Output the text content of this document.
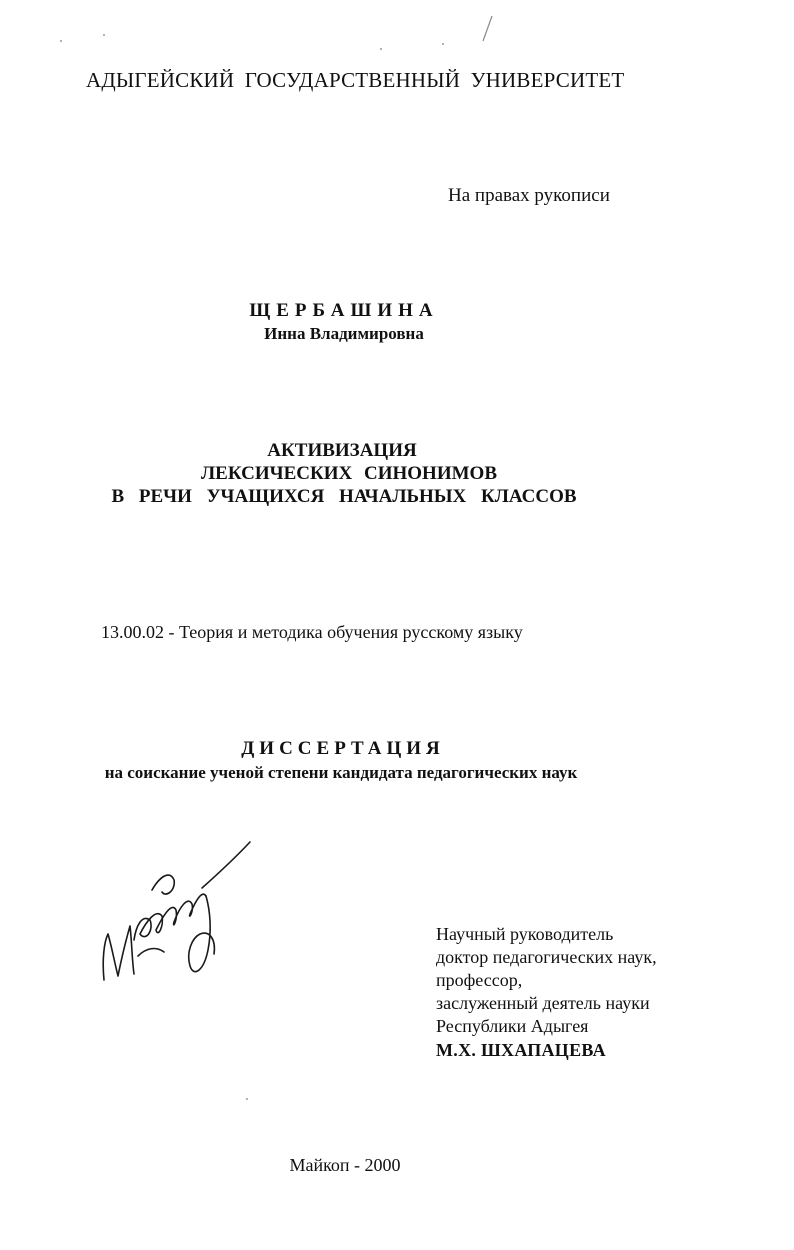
АДЫГЕЙСКИЙ ГОСУДАРСТВЕННЫЙ УНИВЕРСИТЕТ
На правах рукописи
ЩЕРБАШИНА
Инна Владимировна
АКТИВИЗАЦИЯ
ЛЕКСИЧЕСКИХ СИНОНИМОВ
В РЕЧИ УЧАЩИХСЯ НАЧАЛЬНЫХ КЛАССОВ
13.00.02 - Теория и методика обучения русскому языку
ДИССЕРТАЦИЯ
на соискание ученой степени кандидата педагогических наук
Научный руководитель
доктор педагогических наук,
профессор,
заслуженный деятель науки
Республики Адыгея
М.Х. ШХАПАЦЕВА
Майкоп - 2000
